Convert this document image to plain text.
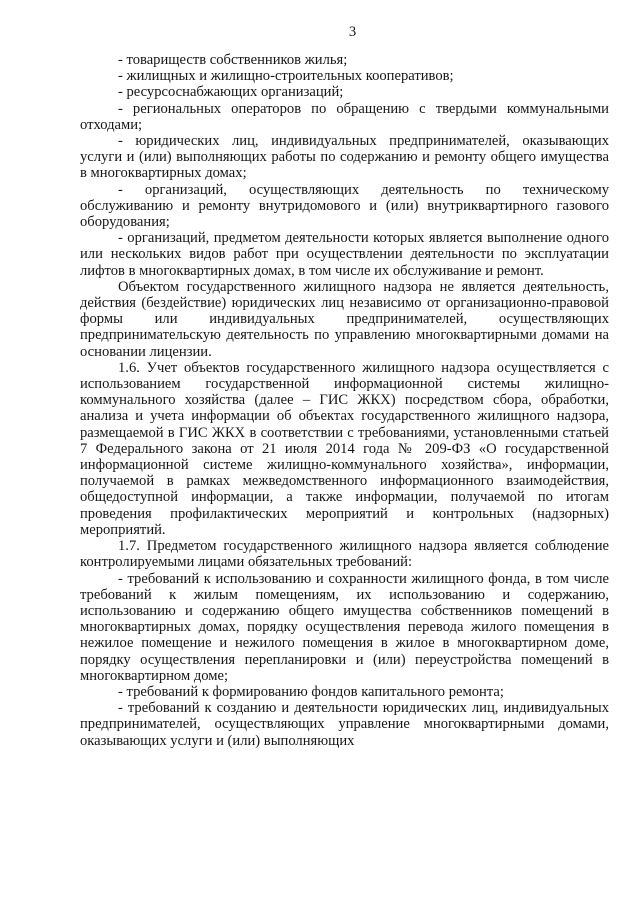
3

- товариществ собственников жилья;

- жилищных и жилищно-строительных кооперативов;

- ресурсоснабжающих организаций;

- региональных операторов по обращению с твердыми коммунальными отходами;

- юридических лиц, индивидуальных предпринимателей, оказывающих услуги и (или) выполняющих работы по содержанию и ремонту общего имущества в многоквартирных домах;

- организаций, осуществляющих деятельность по техническому обслуживанию и ремонту внутридомового и (или) внутриквартирного газового оборудования;

- организаций, предметом деятельности которых является выполнение одного или нескольких видов работ при осуществлении деятельности по эксплуатации лифтов в многоквартирных домах, в том числе их обслуживание и ремонт.

Объектом государственного жилищного надзора не является деятельность, действия (бездействие) юридических лиц независимо от организационно-правовой формы или индивидуальных предпринимателей, осуществляющих предпринимательскую деятельность по управлению многоквартирными домами на основании лицензии.

1.6. Учет объектов государственного жилищного надзора осуществляется с использованием государственной информационной системы жилищно-коммунального хозяйства (далее – ГИС ЖКХ) посредством сбора, обработки, анализа и учета информации об объектах государственного жилищного надзора, размещаемой в ГИС ЖКХ в соответствии с требованиями, установленными статьей 7 Федерального закона от 21 июля 2014 года № 209-ФЗ «О государственной информационной системе жилищно-коммунального хозяйства», информации, получаемой в рамках межведомственного информационного взаимодействия, общедоступной информации, а также информации, получаемой по итогам проведения профилактических мероприятий и контрольных (надзорных) мероприятий.

1.7. Предметом государственного жилищного надзора является соблюдение контролируемыми лицами обязательных требований:

- требований к использованию и сохранности жилищного фонда, в том числе требований к жилым помещениям, их использованию и содержанию, использованию и содержанию общего имущества собственников помещений в многоквартирных домах, порядку осуществления перевода жилого помещения в нежилое помещение и нежилого помещения в жилое в многоквартирном доме, порядку осуществления перепланировки и (или) переустройства помещений в многоквартирном доме;

- требований к формированию фондов капитального ремонта;

- требований к созданию и деятельности юридических лиц, индивидуальных предпринимателей, осуществляющих управление многоквартирными домами, оказывающих услуги и (или) выполняющих
